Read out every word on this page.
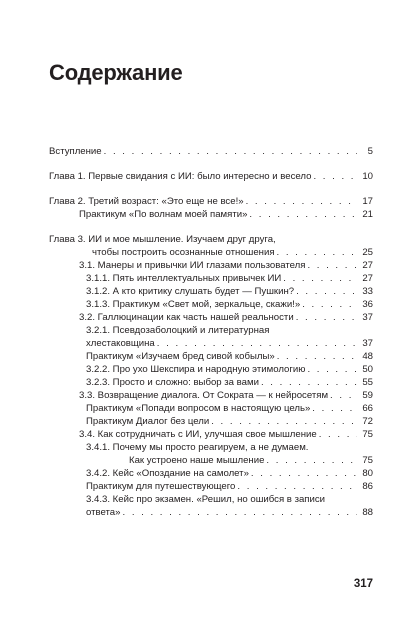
Содержание
Вступление . . .	5
Глава 1. Первые свидания с ИИ: было интересно и весело . . .	10
Глава 2. Третий возраст: «Это еще не все!» . . .	17
Практикум «По волнам моей памяти» . . .	21
Глава 3. ИИ и мое мышление. Изучаем друг друга,
чтобы построить осознанные отношения . . .	25
3.1. Манеры и привычки ИИ глазами пользователя . . .	27
3.1.1. Пять интеллектуальных привычек ИИ . . .	27
3.1.2. А кто критику слушать будет — Пушкин? . . .	33
3.1.3. Практикум «Свет мой, зеркальце, скажи!» . . .	36
3.2. Галлюцинации как часть нашей реальности . . .	37
3.2.1. Псевдозаболоцкий и литературная
хлестаковщина . . .	37
Практикум «Изучаем бред сивой кобылы» . . .	48
3.2.2. Про ухо Шекспира и народную этимологию . . .	50
3.2.3. Просто и сложно: выбор за вами . . .	55
3.3. Возвращение диалога. От Сократа — к нейросетям . . .	59
Практикум «Попади вопросом в настоящую цель» . . .	66
Практикум Диалог без цели . . .	72
3.4. Как сотрудничать с ИИ, улучшая свое мышление . . .	75
3.4.1. Почему мы просто реагируем, а не думаем.
Как устроено наше мышление . . .	75
3.4.2. Кейс «Опоздание на самолет» . . .	80
Практикум для путешествующего . . .	86
3.4.3. Кейс про экзамен. «Решил, но ошибся в записи
ответа» . . .	88
317
